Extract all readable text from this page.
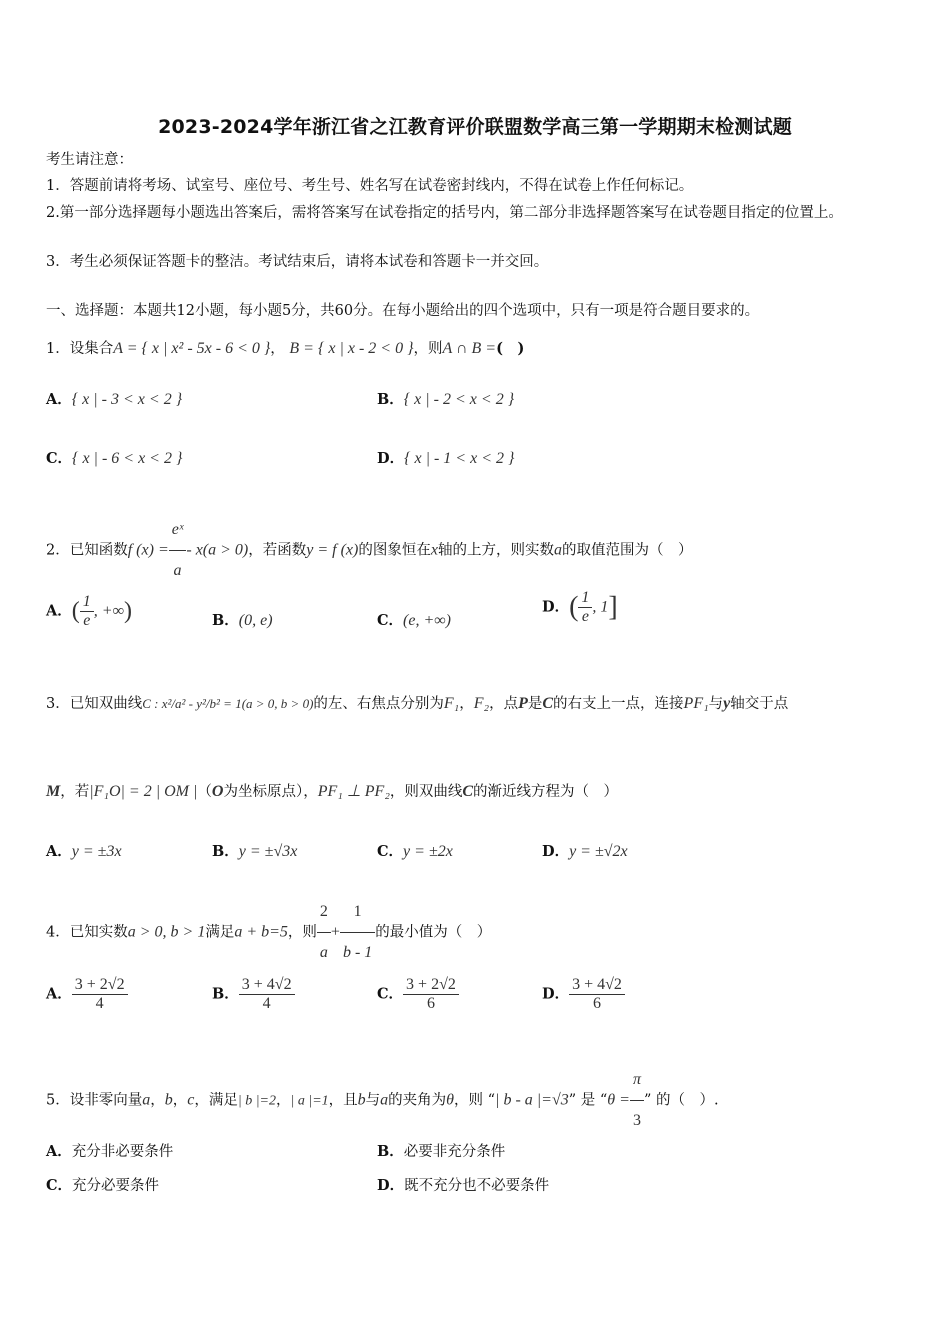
2023-2024学年浙江省之江教育评价联盟数学高三第一学期期末检测试题
考生请注意：
1．答题前请将考场、试室号、座位号、考生号、姓名写在试卷密封线内，不得在试卷上作任何标记。
2.第一部分选择题每小题选出答案后，需将答案写在试卷指定的括号内，第二部分非选择题答案写在试卷题目指定的位置上。
3．考生必须保证答题卡的整洁。考试结束后，请将本试卷和答题卡一并交回。
一、选择题：本题共12小题，每小题5分，共60分。在每小题给出的四个选项中，只有一项是符合题目要求的。
1．设集合A = { x | x² - 5x - 6 < 0 }， B = { x | x - 2 < 0 }，则A ∩ B =(　)
A．{ x | - 3 < x < 2 }	B．{ x | - 2 < x < 2 }
C．{ x | - 6 < x < 2 }	D．{ x | - 1 < x < 2 }
2．已知函数f $(x) = \frac{\text{eˣ}}{a} - x(a > 0)$，若函数y = f (x)的图象恒在x轴的上方，则实数a的取值范围为（　）
A．( $\frac{1}{e}$ , +∞)	B．(0, e)	C．(e, +∞)
D．( $\frac{1}{e}$ , 1]
3．已知双曲线C : x²/a² - y²/b² = 1(a > 0, b > 0)的左、右焦点分别为F₁，F₂，点P是C的右支上一点，连接PF₁与y轴交于点
M，若|F₁O| = 2 | OM |（O为坐标原点），PF₁ ⊥ PF₂，则双曲线C的渐近线方程为（　）
A．y = ±3x	B．y = ±√3x	C．y = ±2x	D．y = ±√2x
4．已知实数a > 0, b > 1满足a + b=5，则 $\frac{2}{a} + \frac{1}{b - 1}$ 的最小值为（　）
A． $\frac{3 + 2√2}{4}$	B． $\frac{3 + 4√2}{4}$	C． $\frac{3 + 2√2}{6}$	D． $\frac{3 + 4√2}{6}$
5．设非零向量a，b，c，满足| b |=2，| a |=1，且b与a的夹角为θ，则 “| b - a |=√3” 是 “$\theta = \frac{\pi}{3}$ ” 的（　）.
A．充分非必要条件	B．必要非充分条件
C．充分必要条件	D．既不充分也不必要条件
